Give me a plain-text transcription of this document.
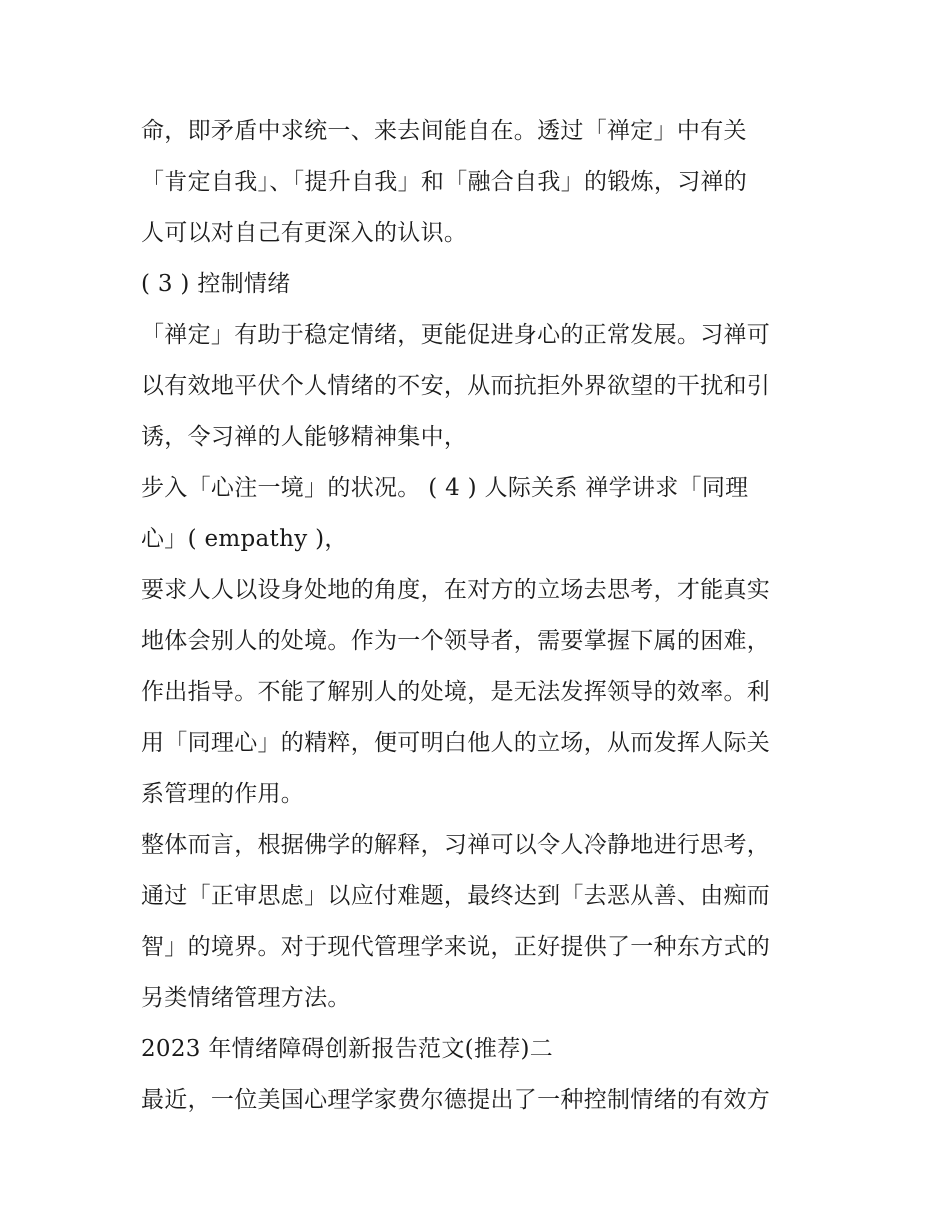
命，即矛盾中求统一、来去间能自在。透过「禅定」中有关
「肯定自我」、「提升自我」和「融合自我」的锻炼，习禅的
人可以对自己有更深入的认识。
( 3 ) 控制情绪
「禅定」有助于稳定情绪，更能促进身心的正常发展。习禅可
以有效地平伏个人情绪的不安，从而抗拒外界欲望的干扰和引
诱，令习禅的人能够精神集中，
步入「心注一境」的状况。 ( 4 ) 人际关系 禅学讲求「同理
心」( empathy )，
要求人人以设身处地的角度，在对方的立场去思考，才能真实
地体会别人的处境。作为一个领导者，需要掌握下属的困难，
作出指导。不能了解别人的处境，是无法发挥领导的效率。利
用「同理心」的精粹，便可明白他人的立场，从而发挥人际关
系管理的作用。
整体而言，根据佛学的解释，习禅可以令人冷静地进行思考，
通过「正审思虑」以应付难题，最终达到「去恶从善、由痴而
智」的境界。对于现代管理学来说，正好提供了一种东方式的
另类情绪管理方法。
2023 年情绪障碍创新报告范文(推荐)二
最近，一位美国心理学家费尔德提出了一种控制情绪的有效方
